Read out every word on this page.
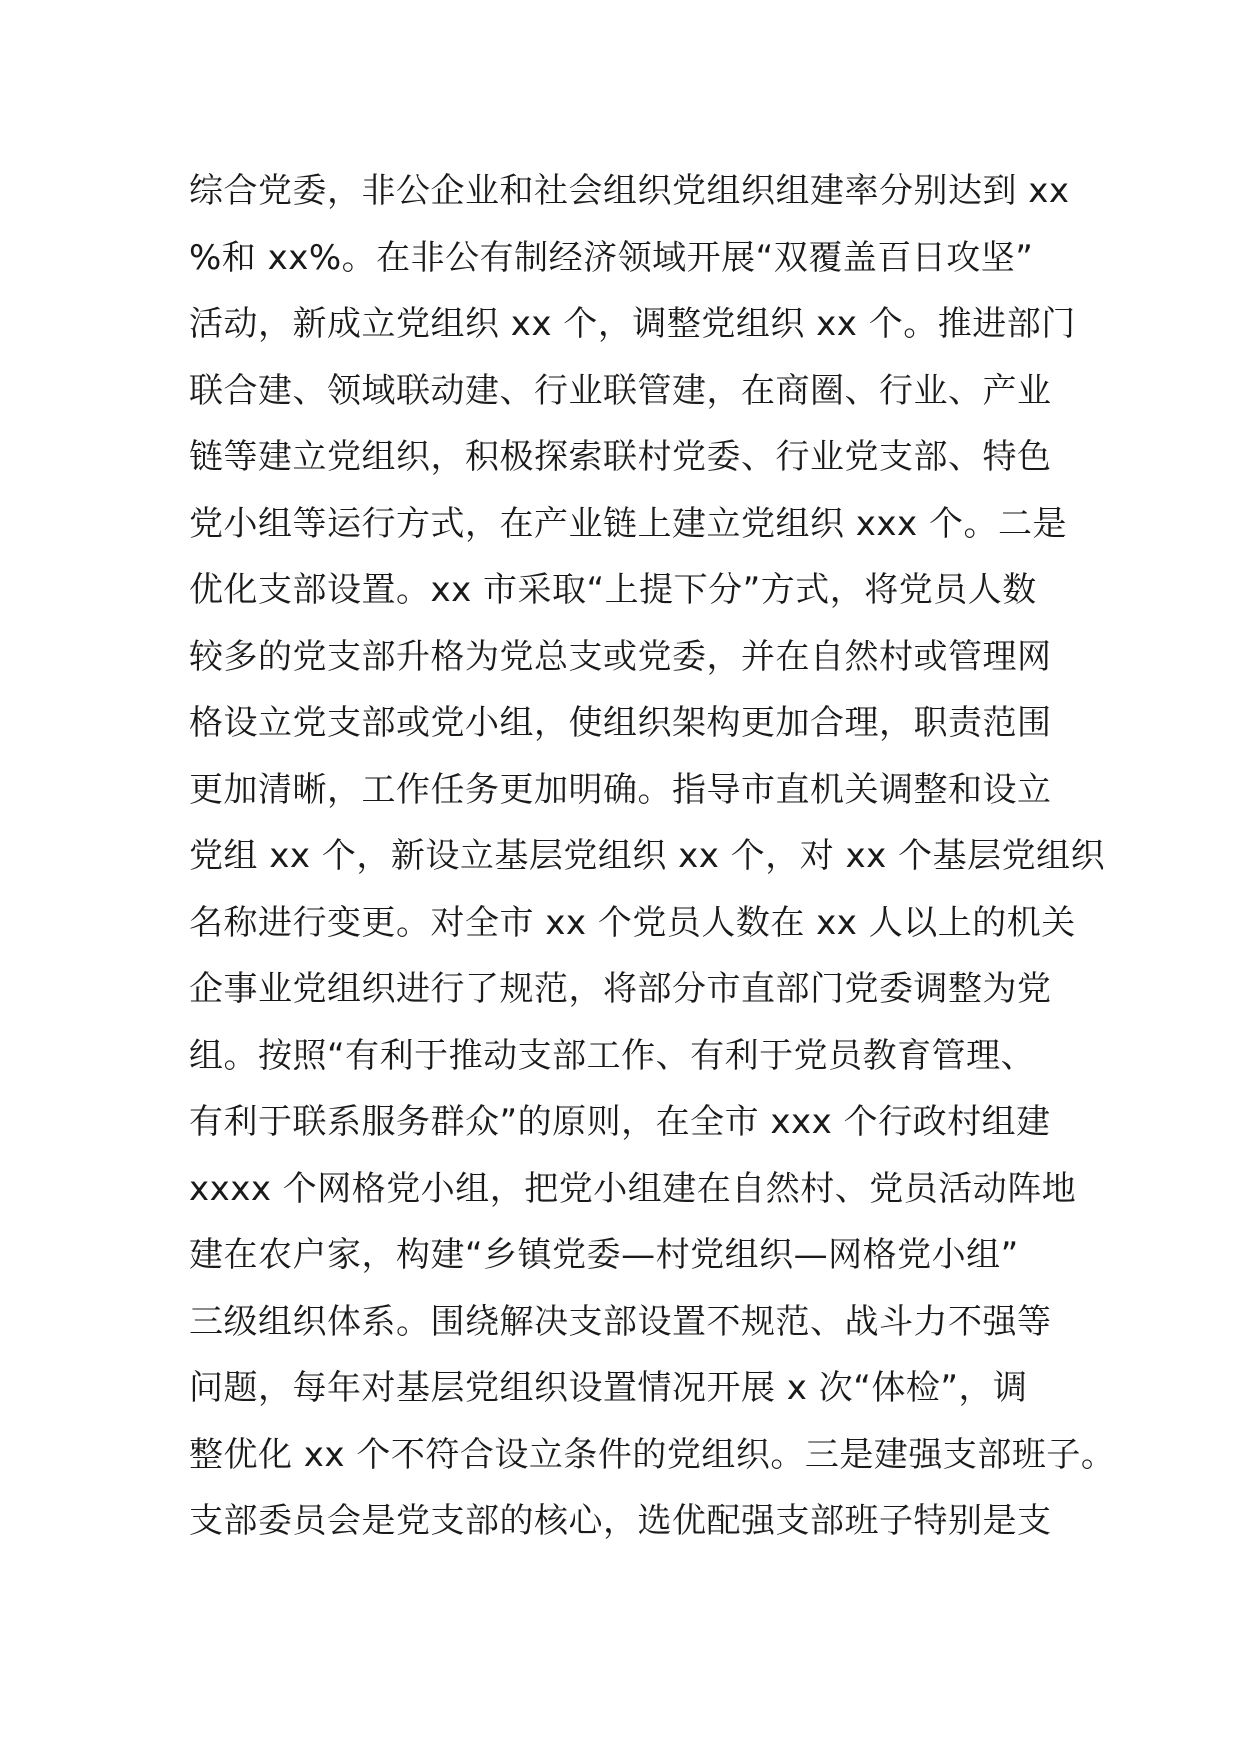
综合党委，非公企业和社会组织党组织组建率分别达到 xx
%和 xx%。在非公有制经济领域开展“双覆盖百日攻坚”
活动，新成立党组织 xx 个，调整党组织 xx 个。推进部门
联合建、领域联动建、行业联管建，在商圈、行业、产业
链等建立党组织，积极探索联村党委、行业党支部、特色
党小组等运行方式，在产业链上建立党组织 xxx 个。二是
优化支部设置。xx 市采取“上提下分”方式，将党员人数
较多的党支部升格为党总支或党委，并在自然村或管理网
格设立党支部或党小组，使组织架构更加合理，职责范围
更加清晰，工作任务更加明确。指导市直机关调整和设立
党组 xx 个，新设立基层党组织 xx 个，对 xx 个基层党组织
名称进行变更。对全市 xx 个党员人数在 xx 人以上的机关
企事业党组织进行了规范，将部分市直部门党委调整为党
组。按照“有利于推动支部工作、有利于党员教育管理、
有利于联系服务群众”的原则，在全市 xxx 个行政村组建
xxxx 个网格党小组，把党小组建在自然村、党员活动阵地
建在农户家，构建“乡镇党委—村党组织—网格党小组”
三级组织体系。围绕解决支部设置不规范、战斗力不强等
问题，每年对基层党组织设置情况开展 x 次“体检”，调
整优化 xx 个不符合设立条件的党组织。三是建强支部班子。
支部委员会是党支部的核心，选优配强支部班子特别是支
